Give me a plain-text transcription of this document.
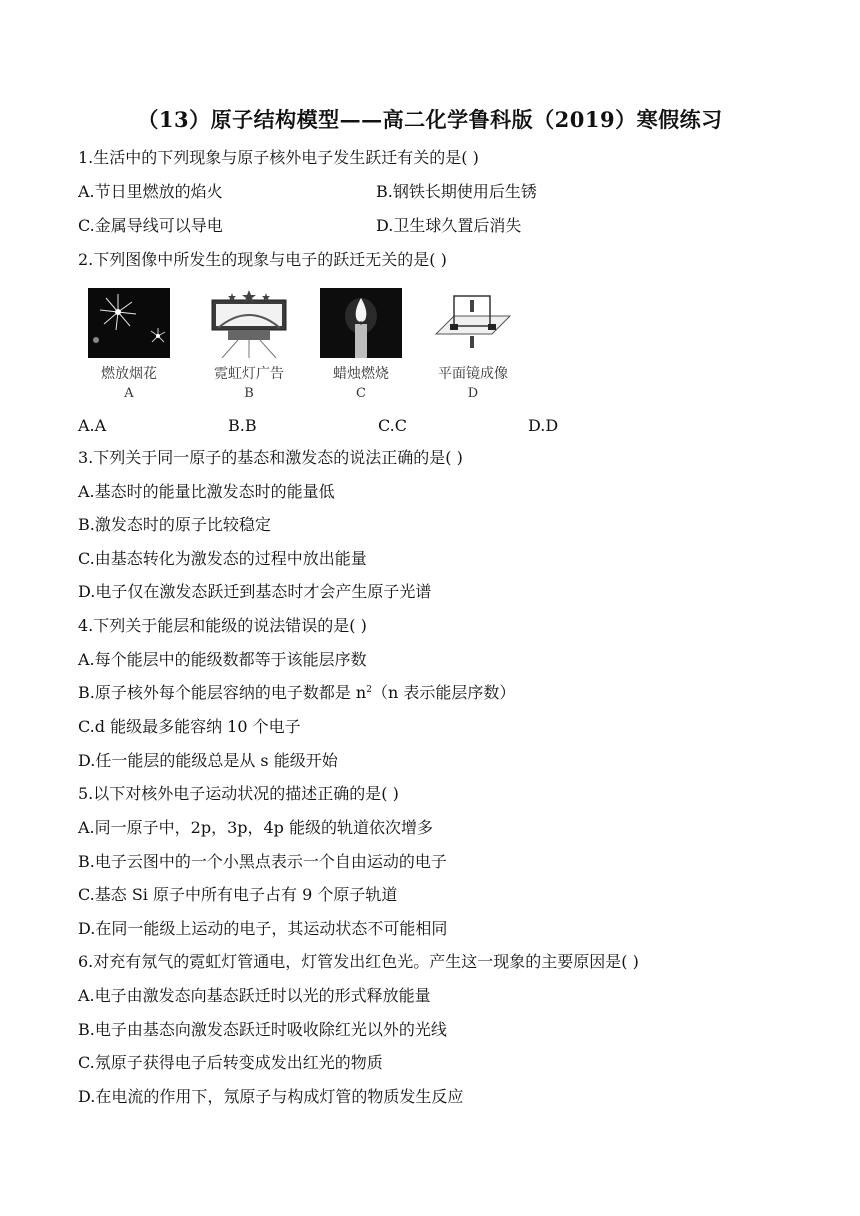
（13）原子结构模型——高二化学鲁科版（2019）寒假练习
1.生活中的下列现象与原子核外电子发生跃迁有关的是( )
A.节日里燃放的焰火	B.钢铁长期使用后生锈
C.金属导线可以导电	D.卫生球久置后消失
2.下列图像中所发生的现象与电子的跃迁无关的是( )
燃放烟花
A
霓虹灯广告
B
蜡烛燃烧
C
平面镜成像
D
A.A	B.B	C.C	D.D
3.下列关于同一原子的基态和激发态的说法正确的是( )
A.基态时的能量比激发态时的能量低
B.激发态时的原子比较稳定
C.由基态转化为激发态的过程中放出能量
D.电子仅在激发态跃迁到基态时才会产生原子光谱
4.下列关于能层和能级的说法错误的是( )
A.每个能层中的能级数都等于该能层序数
B.原子核外每个能层容纳的电子数都是 $n^2(n$ 表示能层序数）
C.d 能级最多能容纳 10 个电子
D.任一能层的能级总是从 s 能级开始
5.以下对核外电子运动状况的描述正确的是( )
A.同一原子中，2p，3p，4p 能级的轨道依次增多
B.电子云图中的一个小黑点表示一个自由运动的电子
C.基态 Si 原子中所有电子占有 9 个原子轨道
D.在同一能级上运动的电子，其运动状态不可能相同
6.对充有氖气的霓虹灯管通电，灯管发出红色光。产生这一现象的主要原因是( )
A.电子由激发态向基态跃迁时以光的形式释放能量
B.电子由基态向激发态跃迁时吸收除红光以外的光线
C.氖原子获得电子后转变成发出红光的物质
D.在电流的作用下，氖原子与构成灯管的物质发生反应
